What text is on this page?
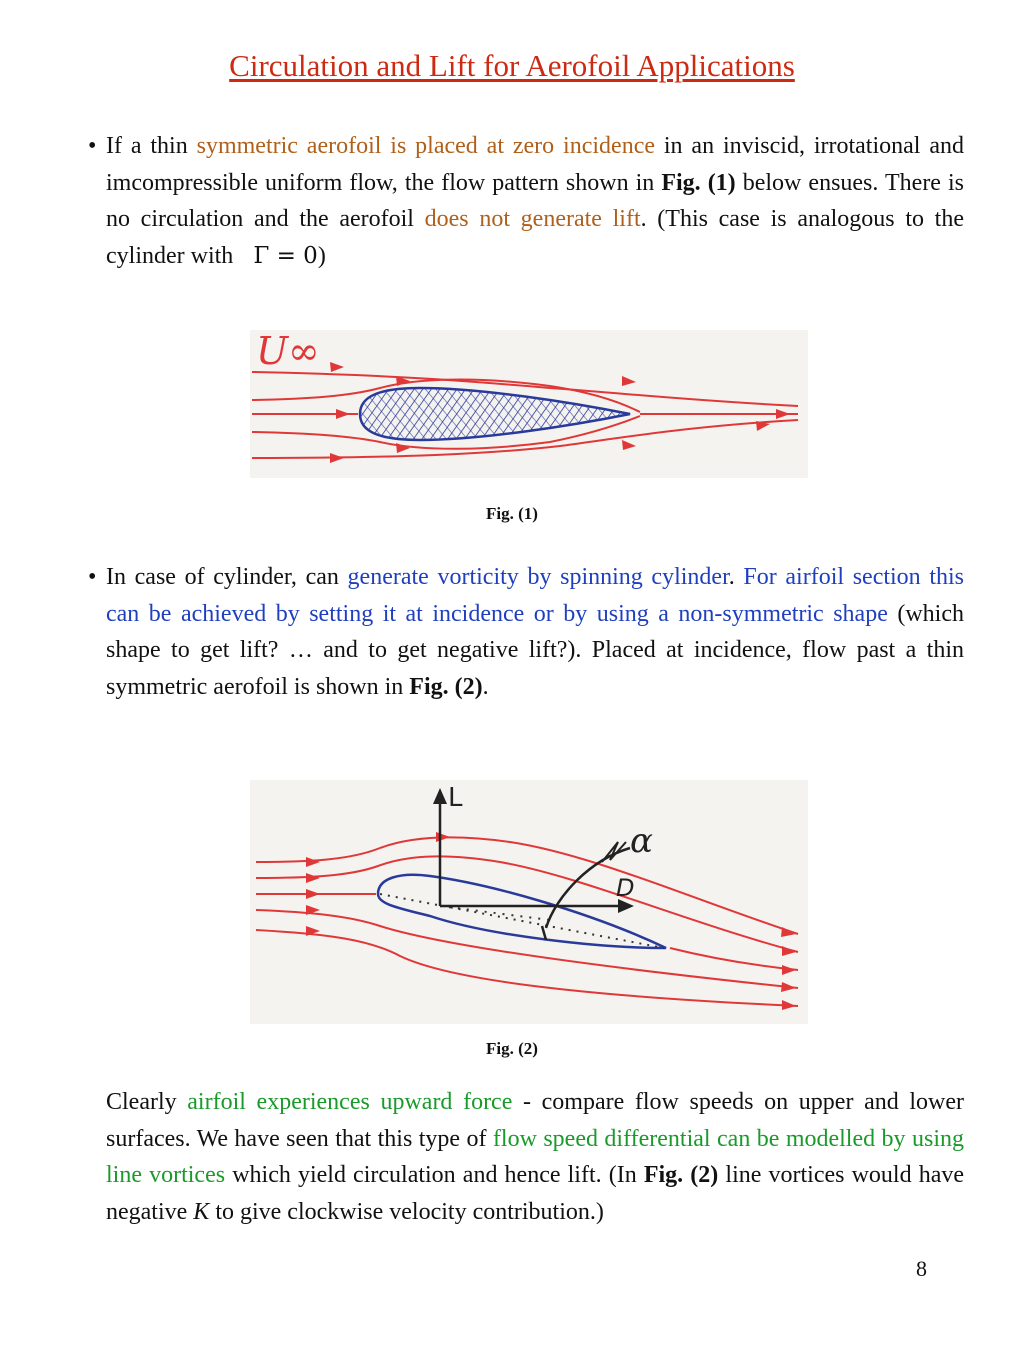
Circulation and Lift for Aerofoil Applications
• If a thin symmetric aerofoil is placed at zero incidence in an inviscid, irrotational and imcompressible uniform flow, the flow pattern shown in Fig. (1) below ensues. There is no circulation and the aerofoil does not generate lift. (This case is analogous to the cylinder with Γ = 0)

U∞
Fig. (1)
• In case of cylinder, can generate vorticity by spinning cylinder. For airfoil section this can be achieved by setting it at incidence or by using a non-symmetric shape (which shape to get lift? … and to get negative lift?). Placed at incidence, flow past a thin symmetric aerofoil is shown in Fig. (2).

L
D
α
Fig. (2)

Clearly airfoil experiences upward force - compare flow speeds on upper and lower surfaces. We have seen that this type of flow speed differential can be modelled by using line vortices which yield circulation and hence lift. (In Fig. (2) line vortices would have negative K to give clockwise velocity contribution.)

8
